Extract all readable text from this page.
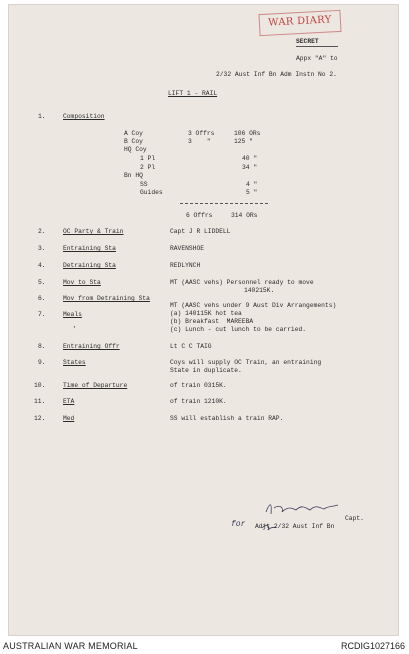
WAR DIARY
SECRET
Appx "A" to
2/32 Aust Inf Bn Adm Instn No 2.
LIFT 1 - RAIL
1.	Composition
A Coy	3 Offrs	106 ORs
B Coy	3    "	125 "
HQ Coy
1 Pl	40 "
2 Pl	34 "
Bn HQ
SS	4 "
Guides	5 "
6 Offrs	314 ORs
2.	OC Party & Train	Capt J R LIDDELL
3.	Entraining Sta	RAVENSHOE
4.	Detraining Sta	REDLYNCH
5.	Mov to Sta	MT (AASC vehs) Personnel ready to move
140215K.
6.	Mov from Detraining Sta
MT (AASC vehs under 9 Aust Div Arrangements)
7.	Meals	(a) 140115K hot tea
(b) Breakfast  MAREEBA
(c) Lunch - cut lunch to be carried.
,
8.	Entraining Offr	Lt C C TAIG
9.	States	Coys will supply OC Train, an entraining
State in duplicate.
10.	Time of Departure	of train 0315K.
11.	ETA	of train 1210K.
12.	Med	SS will establish a train RAP.
Capt.
Adjt 2/32 Aust Inf Bn
for
AUSTRALIAN WAR MEMORIAL	RCDIG1027166
